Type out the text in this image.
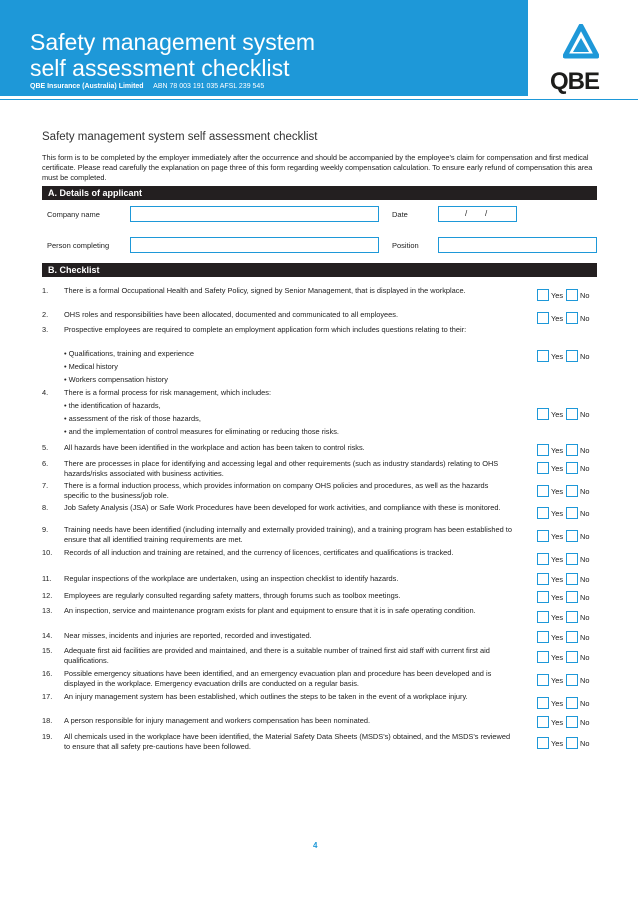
Safety management system
self assessment checklist
QBE Insurance (Australia) Limited ABN 78 003 191 035 AFSL 239 545	QBE
Safety management system self assessment checklist
This form is to be completed by the employer immediately after the occurrence and should be accompanied by the employee's claim for compensation and first medical certificate. Please read carefully the explanation on page three of this form regarding weekly compensation calculation. To ensure early refund of compensation this area must be completed.
A. Details of applicant
Company name	Date	/ /
Person completing	Position
B. Checklist
1.	There is a formal Occupational Health and Safety Policy, signed by Senior Management, that is displayed in the workplace.
Yes No
2.	OHS roles and responsibilities have been allocated, documented and communicated to all employees.	Yes No
3.	Prospective employees are required to complete an employment application form which includes questions relating to their:
• Qualifications, training and experience
• Medical history
• Workers compensation history
Yes No
4.	There is a formal process for risk management, which includes:
• the identification of hazards,
• assessment of the risk of those hazards,
• and the implementation of control measures for eliminating or reducing those risks.
Yes No
5.	All hazards have been identified in the workplace and action has been taken to control risks.	Yes No
6.	There are processes in place for identifying and accessing legal and other requirements (such as industry standards) relating to OHS hazards/risks associated with business activities.
Yes No
7.	There is a formal induction process, which provides information on company OHS policies and procedures, as well as the hazards specific to the business/job role.	Yes No
8.	Job Safety Analysis (JSA) or Safe Work Procedures have been developed for work activities, and compliance with these is monitored.
Yes No
9.	Training needs have been identified (including internally and externally provided training), and a training program has been established to ensure that all identified training requirements are met.	Yes No
10.	Records of all induction and training are retained, and the currency of licences, certificates and qualifications is tracked.
Yes No
11.	Regular inspections of the workplace are undertaken, using an inspection checklist to identify hazards.	Yes No
12.	Employees are regularly consulted regarding safety matters, through forums such as toolbox meetings.	Yes No
13.	An inspection, service and maintenance program exists for plant and equipment to ensure that it is in safe operating condition.
Yes No
14.	Near misses, incidents and injuries are reported, recorded and investigated.	Yes No
15.	Adequate first aid facilities are provided and maintained, and there is a suitable number of trained first aid staff with current first aid qualifications.	Yes No
16.	Possible emergency situations have been identified, and an emergency evacuation plan and procedure has been developed and is displayed in the workplace. Emergency evacuation drills are conducted on a regular basis.	Yes No
17.	An injury management system has been established, which outlines the steps to be taken in the event of a workplace injury.
Yes No
18.	A person responsible for injury management and workers compensation has been nominated.	Yes No
19.	All chemicals used in the workplace have been identified, the Material Safety Data Sheets (MSDS's) obtained, and the MSDS's reviewed to ensure that all safety pre-cautions have been followed.	Yes No
4
